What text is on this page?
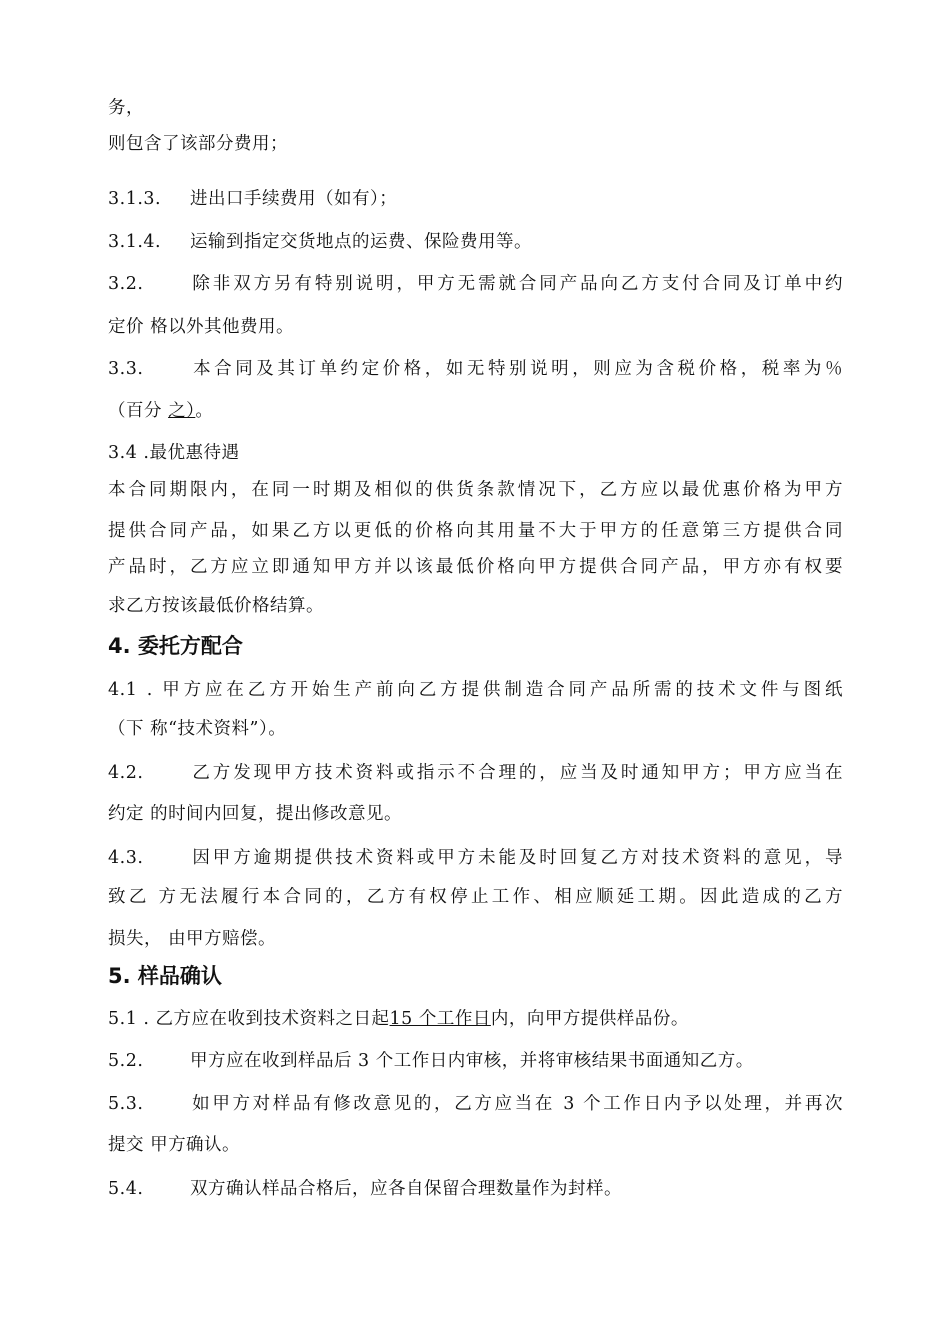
务，
则包含了该部分费用；
3.1.3. 进出口手续费用（如有）；
3.1.4. 运输到指定交货地点的运费、保险费用等。
3.2.	除非双方另有特别说明，甲方无需就合同产品向乙方支付合同及订单中约
定价 格以外其他费用。
3.3.	本合同及其订单约定价格，如无特别说明，则应为含税价格，税率为％
（百分 之）。
3.4 .最优惠待遇
本合同期限内，在同一时期及相似的供货条款情况下，乙方应以最优惠价格为甲方
提供合同产品，如果乙方以更低的价格向其用量不大于甲方的任意第三方提供合同
产品时，乙方应立即通知甲方并以该最低价格向甲方提供合同产品，甲方亦有权要
求乙方按该最低价格结算。
4. 委托方配合
4.1 . 甲方应在乙方开始生产前向乙方提供制造合同产品所需的技术文件与图纸
（下 称“技术资料”）。
4.2.	乙方发现甲方技术资料或指示不合理的，应当及时通知甲方；甲方应当在
约定 的时间内回复，提出修改意见。
4.3.	因甲方逾期提供技术资料或甲方未能及时回复乙方对技术资料的意见，导
致乙 方无法履行本合同的，乙方有权停止工作、相应顺延工期。因此造成的乙方
损失， 由甲方赔偿。
5. 样品确认
5.1 . 乙方应在收到技术资料之日起15 个工作日内，向甲方提供样品份。
5.2.	甲方应在收到样品后 3 个工作日内审核，并将审核结果书面通知乙方。
5.3.	如甲方对样品有修改意见的，乙方应当在 3 个工作日内予以处理，并再次
提交 甲方确认。
5.4.	双方确认样品合格后，应各自保留合理数量作为封样。
